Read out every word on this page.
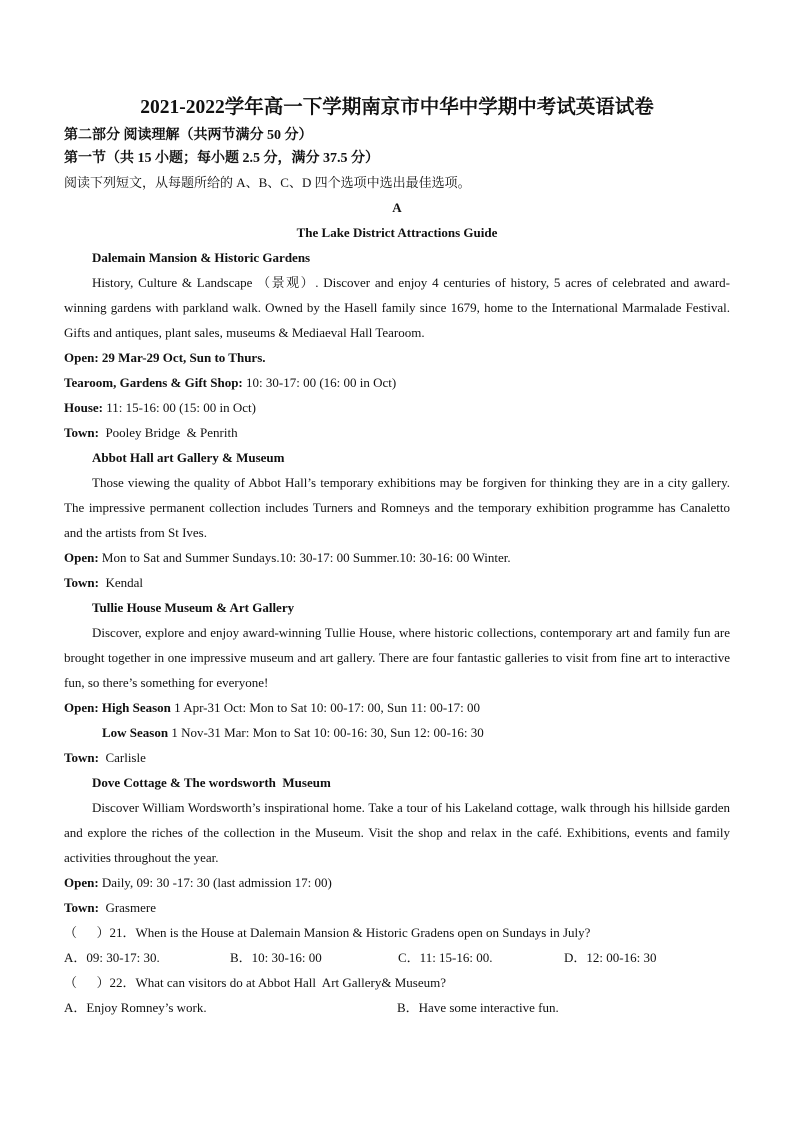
2021-2022学年高一下学期南京市中华中学期中考试英语试卷
第二部分 阅读理解（共两节满分 50 分）
第一节（共 15 小题；每小题 2.5 分，满分 37.5 分）
阅读下列短文，从每题所给的 A、B、C、D 四个选项中选出最佳选项。
A
The Lake District Attractions Guide
Dalemain Mansion & Historic Gardens
History, Culture & Landscape （景观）. Discover and enjoy 4 centuries of history, 5 acres of celebrated and award-winning gardens with parkland walk. Owned by the Hasell family since 1679, home to the International Marmalade Festival. Gifts and antiques, plant sales, museums & Mediaeval Hall Tearoom.
Open: 29 Mar-29 Oct, Sun to Thurs.
Tearoom, Gardens & Gift Shop: 10: 30-17: 00 (16: 00 in Oct)
House: 11: 15-16: 00 (15: 00 in Oct)
Town:  Pooley Bridge  & Penrith
Abbot Hall art Gallery & Museum
Those viewing the quality of Abbot Hall’s temporary exhibitions may be forgiven for thinking they are in a city gallery. The impressive permanent collection includes Turners and Romneys and the temporary exhibition programme has Canaletto and the artists from St Ives.
Open: Mon to Sat and Summer Sundays.10: 30-17: 00 Summer.10: 30-16: 00 Winter.
Town:  Kendal
Tullie House Museum & Art Gallery
Discover, explore and enjoy award-winning Tullie House, where historic collections, contemporary art and family fun are brought together in one impressive museum and art gallery. There are four fantastic galleries to visit from fine art to interactive fun, so there’s something for everyone!
Open: High Season 1 Apr-31 Oct: Mon to Sat 10: 00-17: 00, Sun 11: 00-17: 00
Low Season 1 Nov-31 Mar: Mon to Sat 10: 00-16: 30, Sun 12: 00-16: 30
Town:  Carlisle
Dove Cottage & The wordsworth  Museum
Discover William Wordsworth’s inspirational home. Take a tour of his Lakeland cottage, walk through his hillside garden and explore the riches of the collection in the Museum. Visit the shop and relax in the café. Exhibitions, events and family activities throughout the year.
Open: Daily, 09: 30 -17: 30 (last admission 17: 00)
Town:  Grasmere
（      ）21．When is the House at Dalemain Mansion & Historic Gradens open on Sundays in July?
A．09: 30-17: 30.	B．10: 30-16: 00	C．11: 15-16: 00.	D．12: 00-16: 30
（      ）22．What can visitors do at Abbot Hall  Art Gallery& Museum?
A．Enjoy Romney’s work.	B．Have some interactive fun.
